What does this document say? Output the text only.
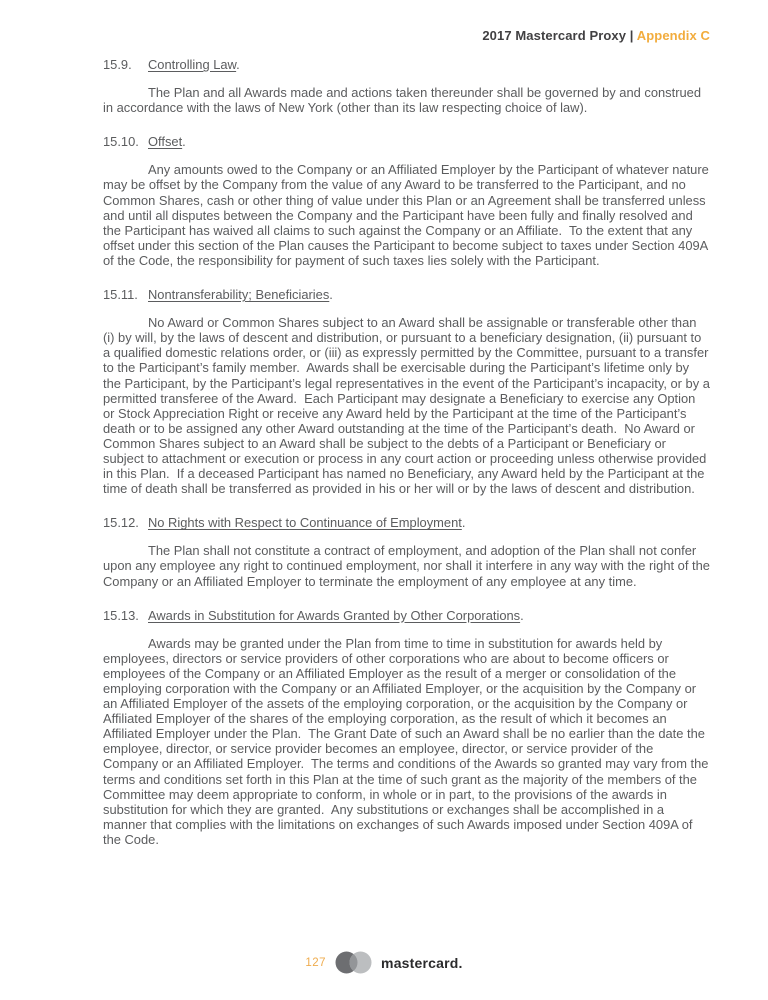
2017 Mastercard Proxy | Appendix C

15.9. Controlling Law.

The Plan and all Awards made and actions taken thereunder shall be governed by and construed in accordance with the laws of New York (other than its law respecting choice of law).

15.10. Offset.

Any amounts owed to the Company or an Affiliated Employer by the Participant of whatever nature may be offset by the Company from the value of any Award to be transferred to the Participant, and no Common Shares, cash or other thing of value under this Plan or an Agreement shall be transferred unless and until all disputes between the Company and the Participant have been fully and finally resolved and the Participant has waived all claims to such against the Company or an Affiliate.  To the extent that any offset under this section of the Plan causes the Participant to become subject to taxes under Section 409A of the Code, the responsibility for payment of such taxes lies solely with the Participant.

15.11. Nontransferability; Beneficiaries.

No Award or Common Shares subject to an Award shall be assignable or transferable other than (i) by will, by the laws of descent and distribution, or pursuant to a beneficiary designation, (ii) pursuant to a qualified domestic relations order, or (iii) as expressly permitted by the Committee, pursuant to a transfer to the Participant’s family member.  Awards shall be exercisable during the Participant’s lifetime only by the Participant, by the Participant’s legal representatives in the event of the Participant’s incapacity, or by a permitted transferee of the Award.  Each Participant may designate a Beneficiary to exercise any Option or Stock Appreciation Right or receive any Award held by the Participant at the time of the Participant’s death or to be assigned any other Award outstanding at the time of the Participant’s death.  No Award or Common Shares subject to an Award shall be subject to the debts of a Participant or Beneficiary or subject to attachment or execution or process in any court action or proceeding unless otherwise provided in this Plan.  If a deceased Participant has named no Beneficiary, any Award held by the Participant at the time of death shall be transferred as provided in his or her will or by the laws of descent and distribution.

15.12. No Rights with Respect to Continuance of Employment.

The Plan shall not constitute a contract of employment, and adoption of the Plan shall not confer upon any employee any right to continued employment, nor shall it interfere in any way with the right of the Company or an Affiliated Employer to terminate the employment of any employee at any time.

15.13. Awards in Substitution for Awards Granted by Other Corporations.

Awards may be granted under the Plan from time to time in substitution for awards held by employees, directors or service providers of other corporations who are about to become officers or employees of the Company or an Affiliated Employer as the result of a merger or consolidation of the employing corporation with the Company or an Affiliated Employer, or the acquisition by the Company or an Affiliated Employer of the assets of the employing corporation, or the acquisition by the Company or Affiliated Employer of the shares of the employing corporation, as the result of which it becomes an Affiliated Employer under the Plan.  The Grant Date of such an Award shall be no earlier than the date the employee, director, or service provider becomes an employee, director, or service provider of the Company or an Affiliated Employer.  The terms and conditions of the Awards so granted may vary from the terms and conditions set forth in this Plan at the time of such grant as the majority of the members of the Committee may deem appropriate to conform, in whole or in part, to the provisions of the awards in substitution for which they are granted.  Any substitutions or exchanges shall be accomplished in a manner that complies with the limitations on exchanges of such Awards imposed under Section 409A of the Code.

127	mastercard.
